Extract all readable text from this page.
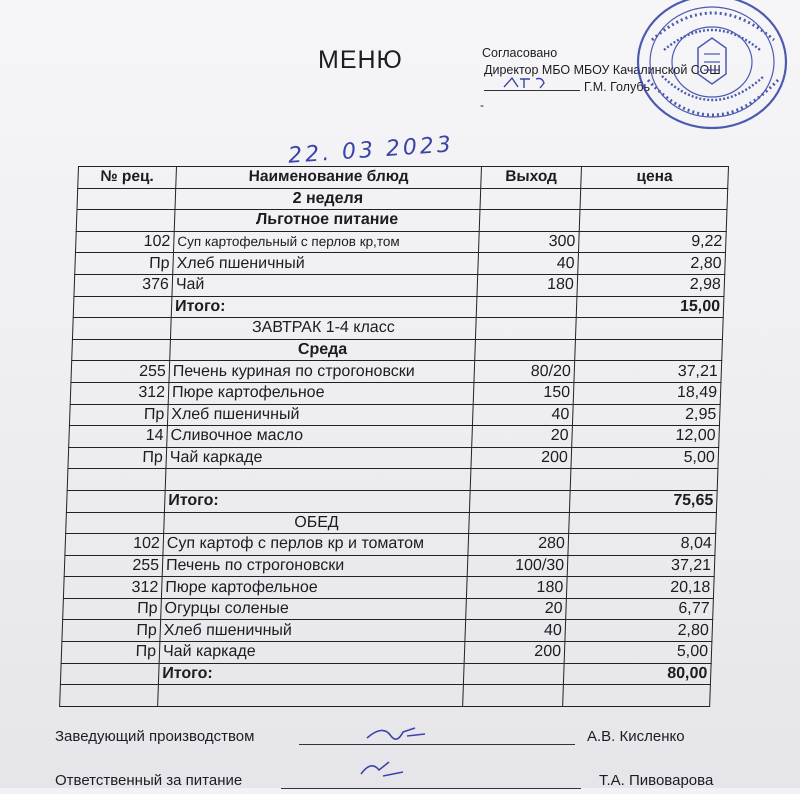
МЕНЮ	Согласовано
Директор МБО МБОУ Качалинской СОШ
Г.М. Голубь
-
22. 03 2023
№ рец.	Наименование блюд	Выход	цена
	2 неделя		
	Льготное питание		
102	Суп картофельный с перлов кр,том	300	9,22
Пр	Хлеб пшеничный	40	2,80
376	Чай	180	2,98
	Итого:		15,00
	ЗАВТРАК 1-4 класс		
	Среда		
255	Печень куриная по строгоновски	80/20	37,21
312	Пюре картофельное	150	18,49
Пр	Хлеб пшеничный	40	2,95
14	Сливочное масло	20	12,00
Пр	Чай каркаде	200	5,00

	Итого:		75,65
	ОБЕД		
102	Суп картоф с перлов кр и томатом	280	8,04
255	Печень по строгоновски	100/30	37,21
312	Пюре картофельное	180	20,18
Пр	Огурцы соленые	20	6,77
Пр	Хлеб пшеничный	40	2,80
Пр	Чай каркаде	200	5,00
	Итого:		80,00

Заведующий производством	А.В. Кисленко
Ответственный за питание	Т.А. Пивоварова
